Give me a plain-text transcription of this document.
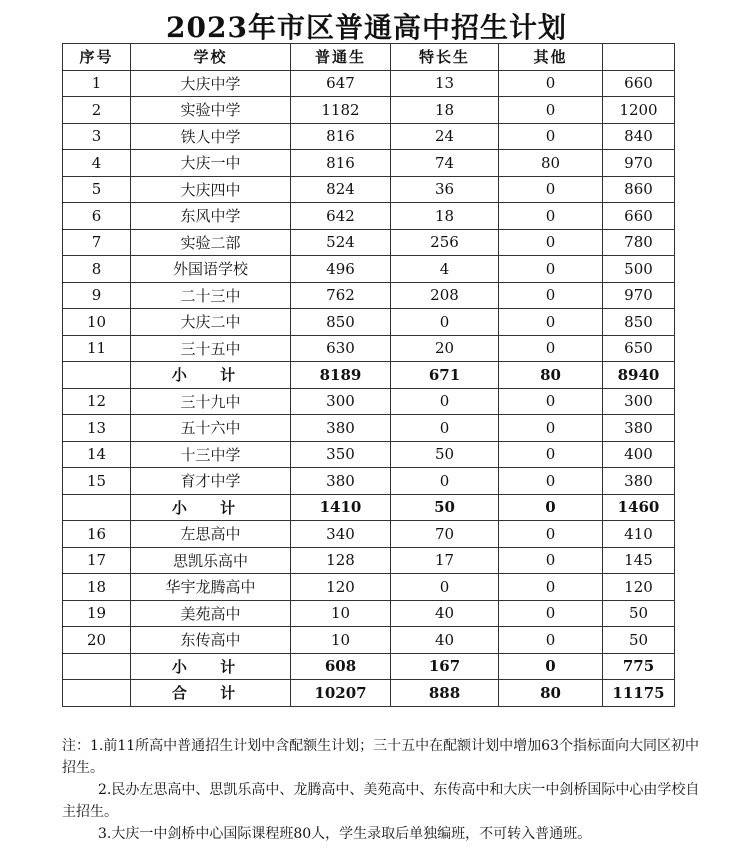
2023年市区普通高中招生计划
序号	学校	普通生	特长生	其他	
1	大庆中学	647	13	0	660
2	实验中学	1182	18	0	1200
3	铁人中学	816	24	0	840
4	大庆一中	816	74	80	970
5	大庆四中	824	36	0	860
6	东风中学	642	18	0	660
7	实验二部	524	256	0	780
8	外国语学校	496	4	0	500
9	二十三中	762	208	0	970
10	大庆二中	850	0	0	850
11	三十五中	630	20	0	650
	小 计	8189	671	80	8940
12	三十九中	300	0	0	300
13	五十六中	380	0	0	380
14	十三中学	350	50	0	400
15	育才中学	380	0	0	380
	小 计	1410	50	0	1460
16	左思高中	340	70	0	410
17	思凯乐高中	128	17	0	145
18	华宇龙腾高中	120	0	0	120
19	美苑高中	10	40	0	50
20	东传高中	10	40	0	50
	小 计	608	167	0	775
	合 计	10207	888	80	11175

注：1.前11所高中普通招生计划中含配额生计划；三十五中在配额计划中增加63个指标面向大同区初中招生。

2.民办左思高中、思凯乐高中、龙腾高中、美苑高中、东传高中和大庆一中剑桥国际中心由学校自主招生。

3.大庆一中剑桥中心国际课程班80人，学生录取后单独编班，不可转入普通班。
